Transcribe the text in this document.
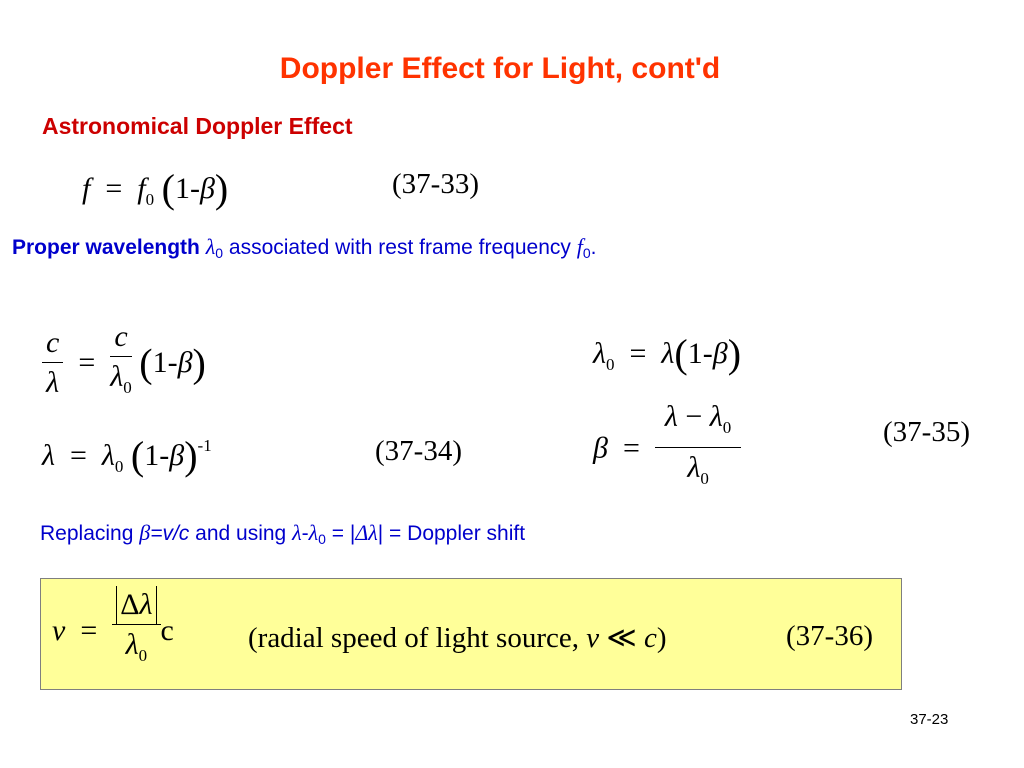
Doppler Effect for Light, cont'd
Astronomical Doppler Effect
$f = f_0$ (1-β)	(37-33)
Proper wavelength λ0 associated with rest frame frequency f0.
$\frac{c}{\lambda} = \frac{c}{\lambda_0} (1-\beta)$
$\lambda = \lambda_0$ $(1-\beta)^{-1}$	(37-34)
$\lambda_0 = \lambda(1-\beta)$
$\beta = \frac{\lambda - \lambda_0}{\lambda_0}$	(37-35)
Replacing β=v/c and using λ-λ0 = |Δλ| = Doppler shift
$v = \frac{\Delta\lambda}{\lambda_0}$ c	(radial speed of light source, v ≪ c)	(37-36)
37-23
